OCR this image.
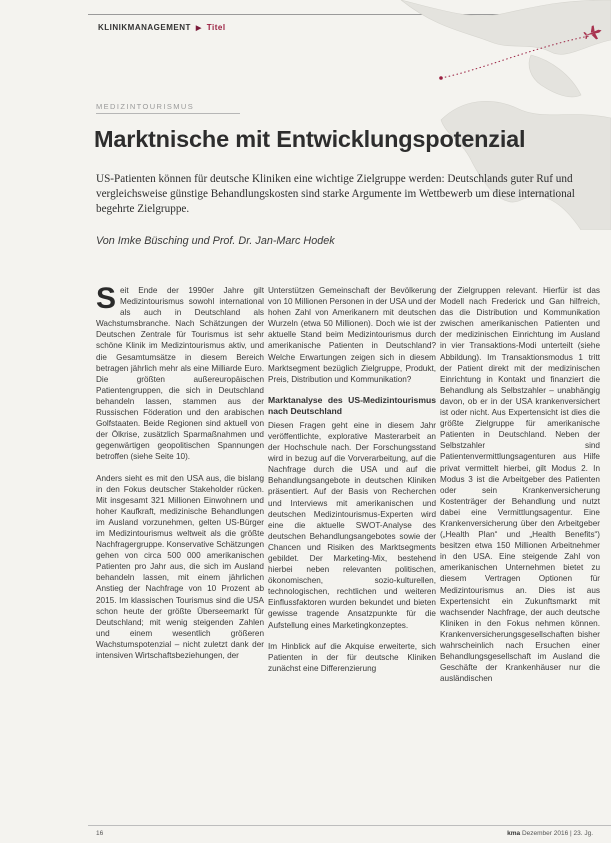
KLINIKMANAGEMENT ▶ Titel
MEDIZINTOURISMUS
Marktnische mit Entwicklungspotenzial

US-Patienten können für deutsche Kliniken eine wichtige Zielgruppe werden: Deutschlands guter Ruf und vergleichsweise günstige Behandlungskosten sind starke Argumente im Wettbewerb um diese international begehrte Zielgruppe.

Von Imke Büsching und Prof. Dr. Jan-Marc Hodek

Seit Ende der 1990er Jahre gilt Medizintourismus sowohl international als auch in Deutschland als Wachstumsbranche. Nach Schätzungen der Deutschen Zentrale für Tourismus ist sehr schöne Klinik im Medizintourismus aktiv, und die Gesamtumsätze in diesem Bereich betragen jährlich mehr als eine Milliarde Euro. Die größten außereuropäischen Patientengruppen, die sich in Deutschland behandeln lassen, stammen aus der Russischen Föderation und den arabischen Golfstaaten. Beide Regionen sind aktuell von der Ölkrise, zusätzlich Sparmaßnahmen und gegenwärtigen geopolitischen Spannungen betroffen (siehe Seite 10).

Anders sieht es mit den USA aus, die bislang in den Fokus deutscher Stakeholder rücken. Mit insgesamt 321 Millionen Einwohnern und hoher Kaufkraft, medizinische Behandlungen im Ausland vorzunehmen, gelten US-Bürger im Medizintourismus weltweit als die größte Nachfragergruppe. Konservative Schätzungen gehen von circa 500 000 amerikanischen Patienten pro Jahr aus, die sich im Ausland behandeln lassen, mit einem jährlichen Anstieg der Nachfrage von 10 Prozent ab 2015. Im klassischen Tourismus sind die USA schon heute der größte Überseemarkt für Deutschland; mit wenig steigenden Zahlen und einem wesentlich größeren Wachstumspotenzial – nicht zuletzt dank der intensiven Wirtschaftsbeziehungen, der

Unterstützen Gemeinschaft der Bevölkerung von 10 Millionen Personen in der USA und der hohen Zahl von Amerikanern mit deutschen Wurzeln (etwa 50 Millionen). Doch wie ist der aktuelle Stand beim Medizintourismus durch amerikanische Patienten in Deutschland? Welche Erwartungen zeigen sich in diesem Marktsegment bezüglich Zielgruppe, Produkt, Preis, Distribution und Kommunikation?

Marktanalyse des US-Medizintourismus nach Deutschland

Diesen Fragen geht eine in diesem Jahr veröffentlichte, explorative Masterarbeit an der Hochschule nach. Der Forschungsstand wird in bezug auf die Vorverarbeitung, auf die Nachfrage durch die USA und auf die Behandlungsangebote in deutschen Kliniken präsentiert. Auf der Basis von Recherchen und Interviews mit amerikanischen und deutschen Medizintourismus-Experten wird eine die aktuelle SWOT-Analyse des deutschen Behandlungsangebotes sowie der Chancen und Risiken des Marktsegments gebildet. Der Marketing-Mix, bestehend hierbei neben relevanten politischen, ökonomischen, sozio-kulturellen, technologischen, rechtlichen und weiteren Einflussfaktoren wurden bekundet und bieten gewisse tragende Ansatzpunkte für die Aufstellung eines Marketingkonzeptes.

Im Hinblick auf die Akquise erweiterte, sich Patienten in der für deutsche Kliniken zunächst eine Differenzierung

der Zielgruppen relevant. Hierfür ist das Modell nach Frederick und Gan hilfreich, das die Distribution und Kommunikation zwischen amerikanischen Patienten und der medizinischen Einrichtung im Ausland in vier Transaktions-Modi unterteilt (siehe Abbildung). Im Transaktionsmodus 1 tritt der Patient direkt mit der medizinischen Einrichtung in Kontakt und finanziert die Behandlung als Selbstzahler – unabhängig davon, ob er in der USA krankenversichert ist oder nicht. Aus Expertensicht ist dies die größte Zielgruppe für amerikanische Patienten in Deutschland. Neben der Selbstzahler sind Patientenvermittlungsagenturen aus Hilfe privat vermittelt hierbei, gilt Modus 2. In Modus 3 ist die Arbeitgeber des Patienten oder sein Krankenversicherung Kostenträger der Behandlung und nutzt dabei eine Vermittlungsagentur. Eine Krankenversicherung über den Arbeitgeber („Health Plan“ und „Health Benefits“) besitzen etwa 150 Millionen Arbeitnehmer in den USA. Eine steigende Zahl von amerikanischen Unternehmen bietet zu diesem Vertragen Optionen für Medizintourismus an. Dies ist aus Expertensicht ein Zukunftsmarkt mit wachsender Nachfrage, der auch deutsche Kliniken in den Fokus nehmen können. Krankenversicherungsgesellschaften bisher wahrscheinlich nach Ersuchen einer Behandlungsgesellschaft im Ausland die Geschäfte der Krankenhäuser nur die ausländischen

16	kma Dezember 2016 | 23. Jg.
